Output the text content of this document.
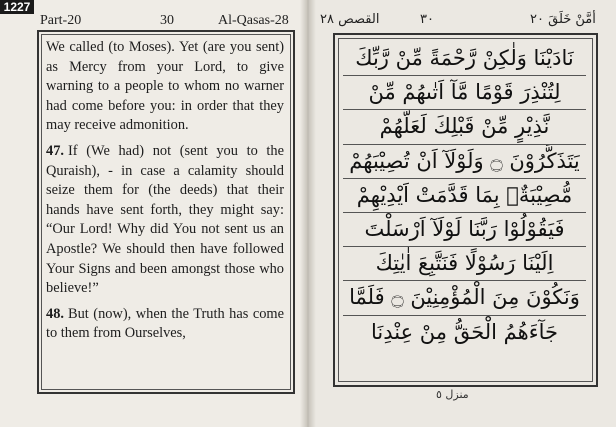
1227
Part-20	30	Al-Qasas-28

We called (to Moses). Yet (are you sent) as Mercy from your Lord, to give warning to a people to whom no warner had come before you: in order that they may receive admonition.

47. If (We had) not (sent you to the Quraish), - in case a calamity should seize them for (the deeds) that their hands have sent forth, they might say: “Our Lord! Why did You not sent us an Apostle? We should then have followed Your Signs and been amongst those who believe!”

48. But (now), when the Truth has come to them from Ourselves,

القصص ٢٨	٣٠	أمَّنْ خَلَقَ ٢٠
نَادَيْنَا وَلٰكِنْ رَّحْمَةً مِّنْ رَّبِّكَ
لِتُنْذِرَ قَوْمًا مَّآ اَتٰىهُمْ مِّنْ
نَّذِيْرٍ مِّنْ قَبْلِكَ لَعَلَّهُمْ
يَتَذَكَّرُوْنَ ۝ وَلَوْلَآ اَنْ تُصِيْبَهُمْ
مُّصِيْبَةٌۢ بِمَا قَدَّمَتْ اَيْدِيْهِمْ
فَيَقُوْلُوْا رَبَّنَا لَوْلَآ اَرْسَلْتَ
اِلَيْنَا رَسُوْلًا فَنَتَّبِعَ اٰيٰتِكَ
وَنَكُوْنَ مِنَ الْمُؤْمِنِيْنَ ۝ فَلَمَّا
جَآءَهُمُ الْحَقُّ مِنْ عِنْدِنَا
منزل ٥
